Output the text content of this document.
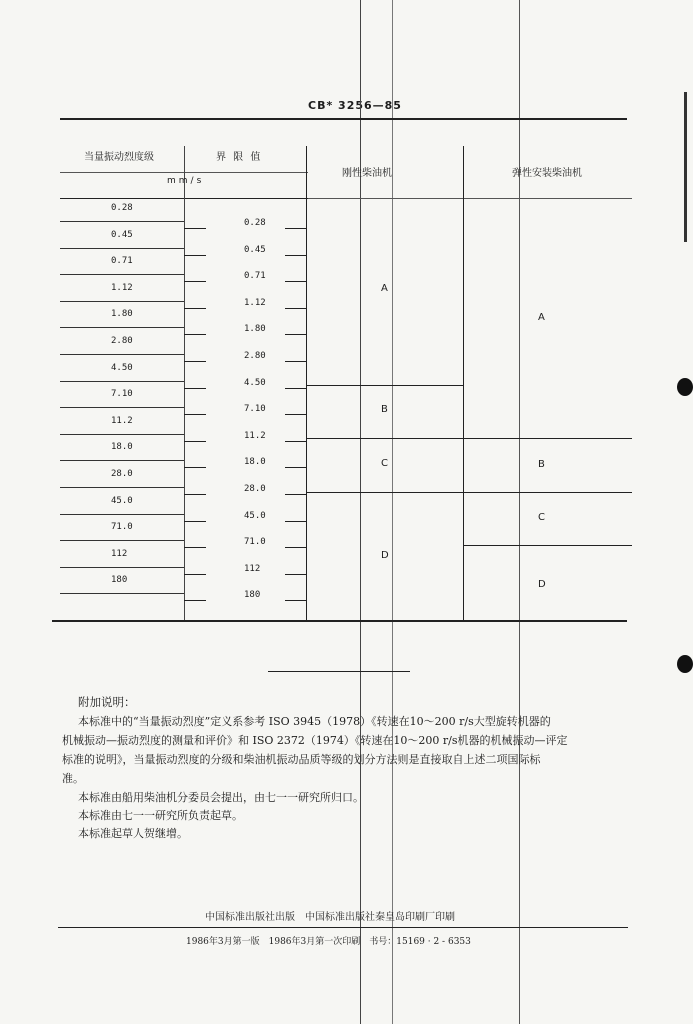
CB* 3256—85
当量振动烈度级	界 限 值
mm/s
刚性柴油机	弹性安装柴油机
0.28
0.45
0.71
1.12
1.80
2.80
4.50
7.10
11.2
18.0
28.0
45.0
71.0
112
180
0.28
0.45
0.71
1.12
1.80
2.80
4.50
7.10
11.2
18.0
28.0
45.0
71.0
112
180
A
B
C
D
A
B
C
D
附加说明：
本标准中的“当量振动烈度”定义系参考 ISO 3945（1978）《转速在10～200 r/s大型旋转机器的
机械振动—振动烈度的测量和评价》和 ISO 2372（1974）《转速在10～200 r/s机器的机械振动—评定
标准的说明》，当量振动烈度的分级和柴油机振动品质等级的划分方法则是直接取自上述二项国际标
准。
本标准由船用柴油机分委员会提出，由七一一研究所归口。
本标准由七一一研究所负责起草。
本标准起草人贺继增。
中国标准出版社出版　中国标准出版社秦皇岛印刷厂印刷
1986年3月第一版　1986年3月第一次印刷　书号：15169 · 2 - 6353
